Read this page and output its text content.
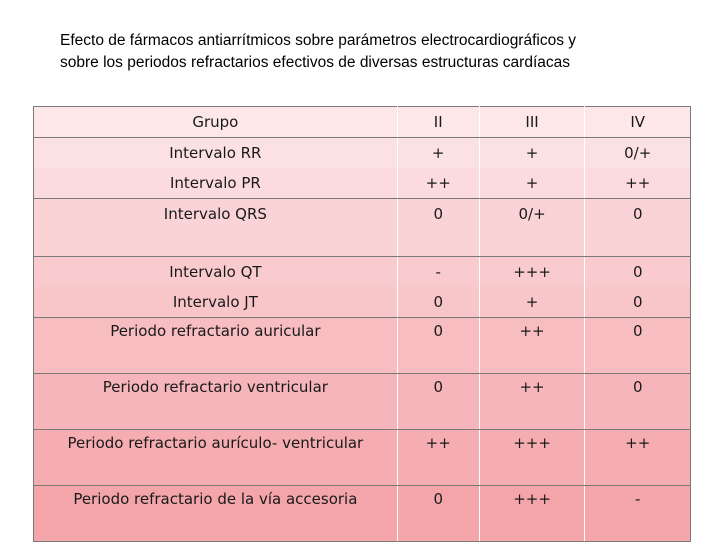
Efecto de fármacos antiarrítmicos sobre parámetros electrocardiográficos y
sobre los periodos refractarios efectivos de diversas estructuras cardíacas
Grupo	II	III	IV
Intervalo RR	+	+	0/+
Intervalo PR	++	+	++
Intervalo QRS	0	0/+	0
Intervalo QT	-	+++	0
Intervalo JT	0	+	0
Periodo refractario auricular	0	++	0
Periodo refractario ventricular	0	++	0
Periodo refractario aurículo- ventricular	++	+++	++
Periodo refractario de la vía accesoria	0	+++	-
